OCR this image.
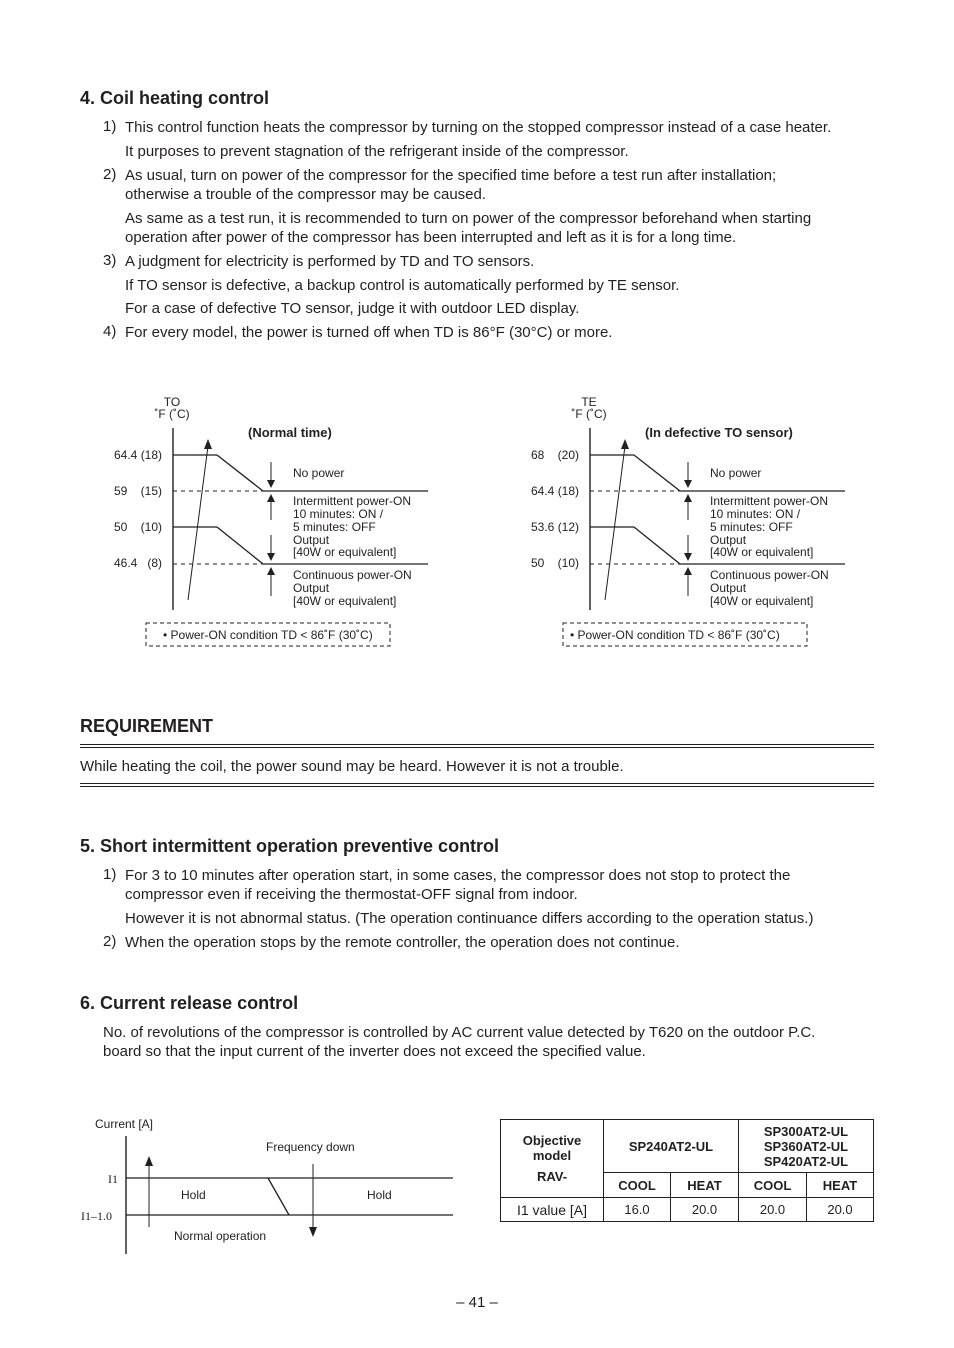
4. Coil heating control
1) This control function heats the compressor by turning on the stopped compressor instead of a case heater.
It purposes to prevent stagnation of the refrigerant inside of the compressor.
2) As usual, turn on power of the compressor for the specified time before a test run after installation;
otherwise a trouble of the compressor may be caused.
As same as a test run, it is recommended to turn on power of the compressor beforehand when starting
operation after power of the compressor has been interrupted and left as it is for a long time.
3) A judgment for electricity is performed by TD and TO sensors.
If TO sensor is defective, a backup control is automatically performed by TE sensor.
For a case of defective TO sensor, judge it with outdoor LED display.
4) For every model, the power is turned off when TD is 86°F (30°C) or more.
TO
˚F (˚C)
(Normal time)
64.4 (18)
59    (15)
50    (10)
46.4   (8)
No power
Intermittent power-ON
10 minutes: ON /
5 minutes: OFF
Output
[40W or equivalent]
Continuous power-ON
Output
[40W or equivalent]
• Power-ON condition TD < 86˚F (30˚C)
TE
˚F (˚C)
(In defective TO sensor)
68    (20)
64.4 (18)
53.6 (12)
50    (10)
No power
Intermittent power-ON
10 minutes: ON /
5 minutes: OFF
Output
[40W or equivalent]
Continuous power-ON
Output
[40W or equivalent]
• Power-ON condition TD < 86˚F (30˚C)
REQUIREMENT
While heating the coil, the power sound may be heard. However it is not a trouble.
5. Short intermittent operation preventive control
1) For 3 to 10 minutes after operation start, in some cases, the compressor does not stop to protect the
compressor even if receiving the thermostat-OFF signal from indoor.
However it is not abnormal status. (The operation continuance differs according to the operation status.)
2) When the operation stops by the remote controller, the operation does not continue.
6. Current release control
No. of revolutions of the compressor is controlled by AC current value detected by T620 on the outdoor P.C.
board so that the input current of the inverter does not exceed the specified value.
Current [A]
Frequency down
I1
I1–1.0
Hold	Hold
Normal operation
Objective
model
RAV-	SP240AT2-UL		SP300AT2-UL
SP360AT2-UL
SP420AT2-UL	

	COOL	HEAT	COOL	HEAT
I1 value [A]	16.0	20.0	20.0	20.0
– 41 –
